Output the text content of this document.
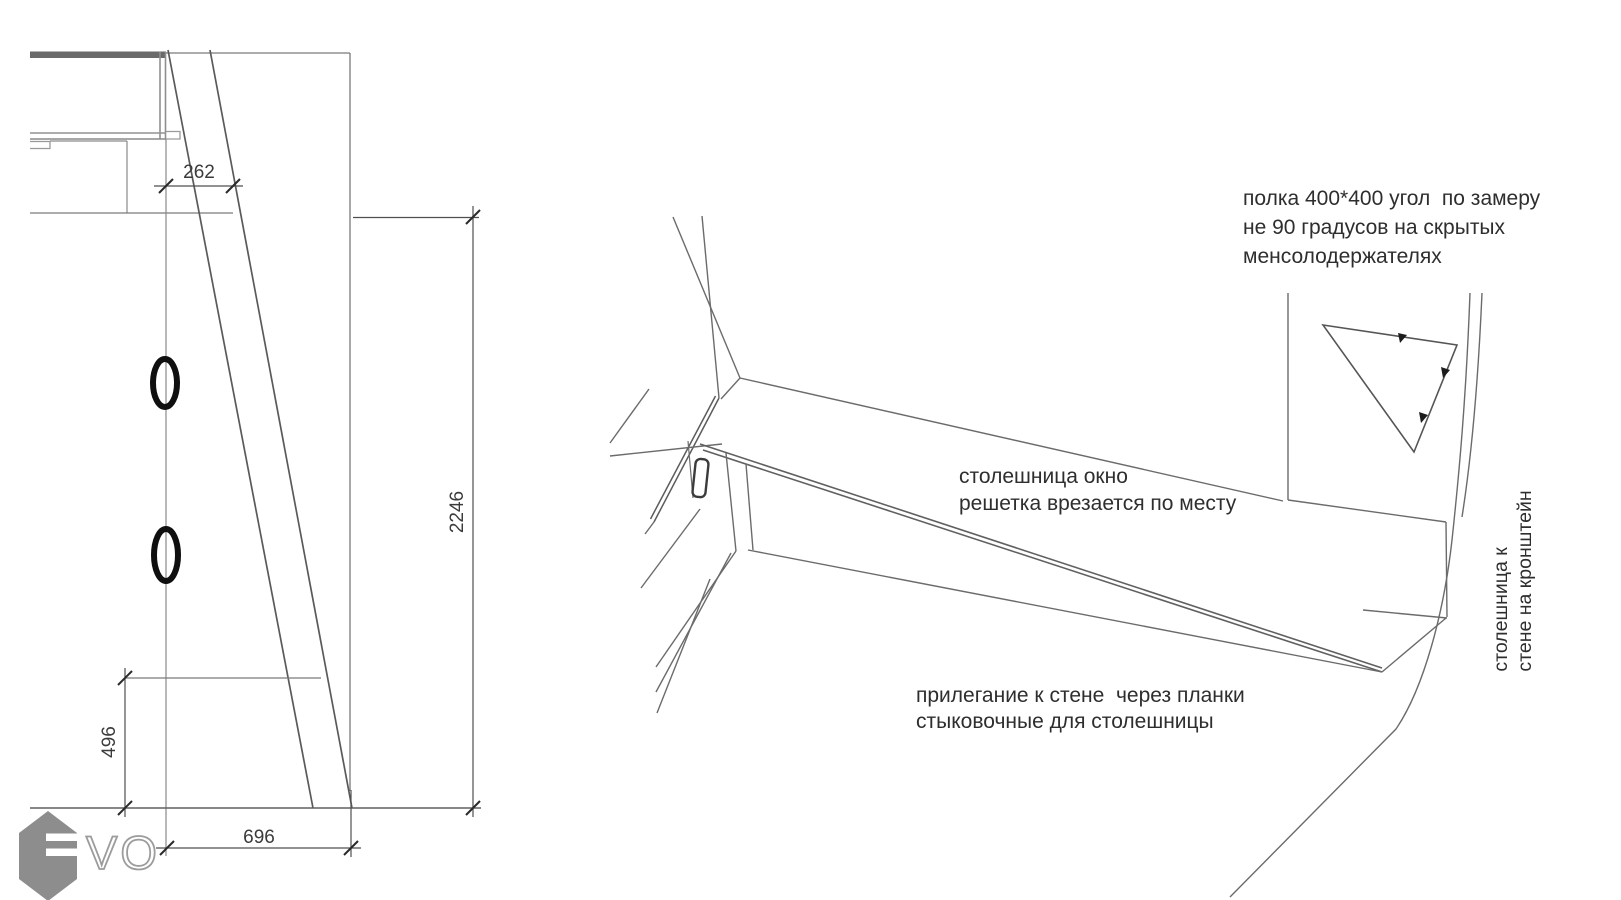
VO
полка 400*400 угол  по замеру
не 90 градусов на скрытых
менсолодержателях
столешница окно
решетка врезается по месту
прилегание к стене  через планки
стыковочные для столешницы
столешница к стене на кронштейн
262
2246
496
696
